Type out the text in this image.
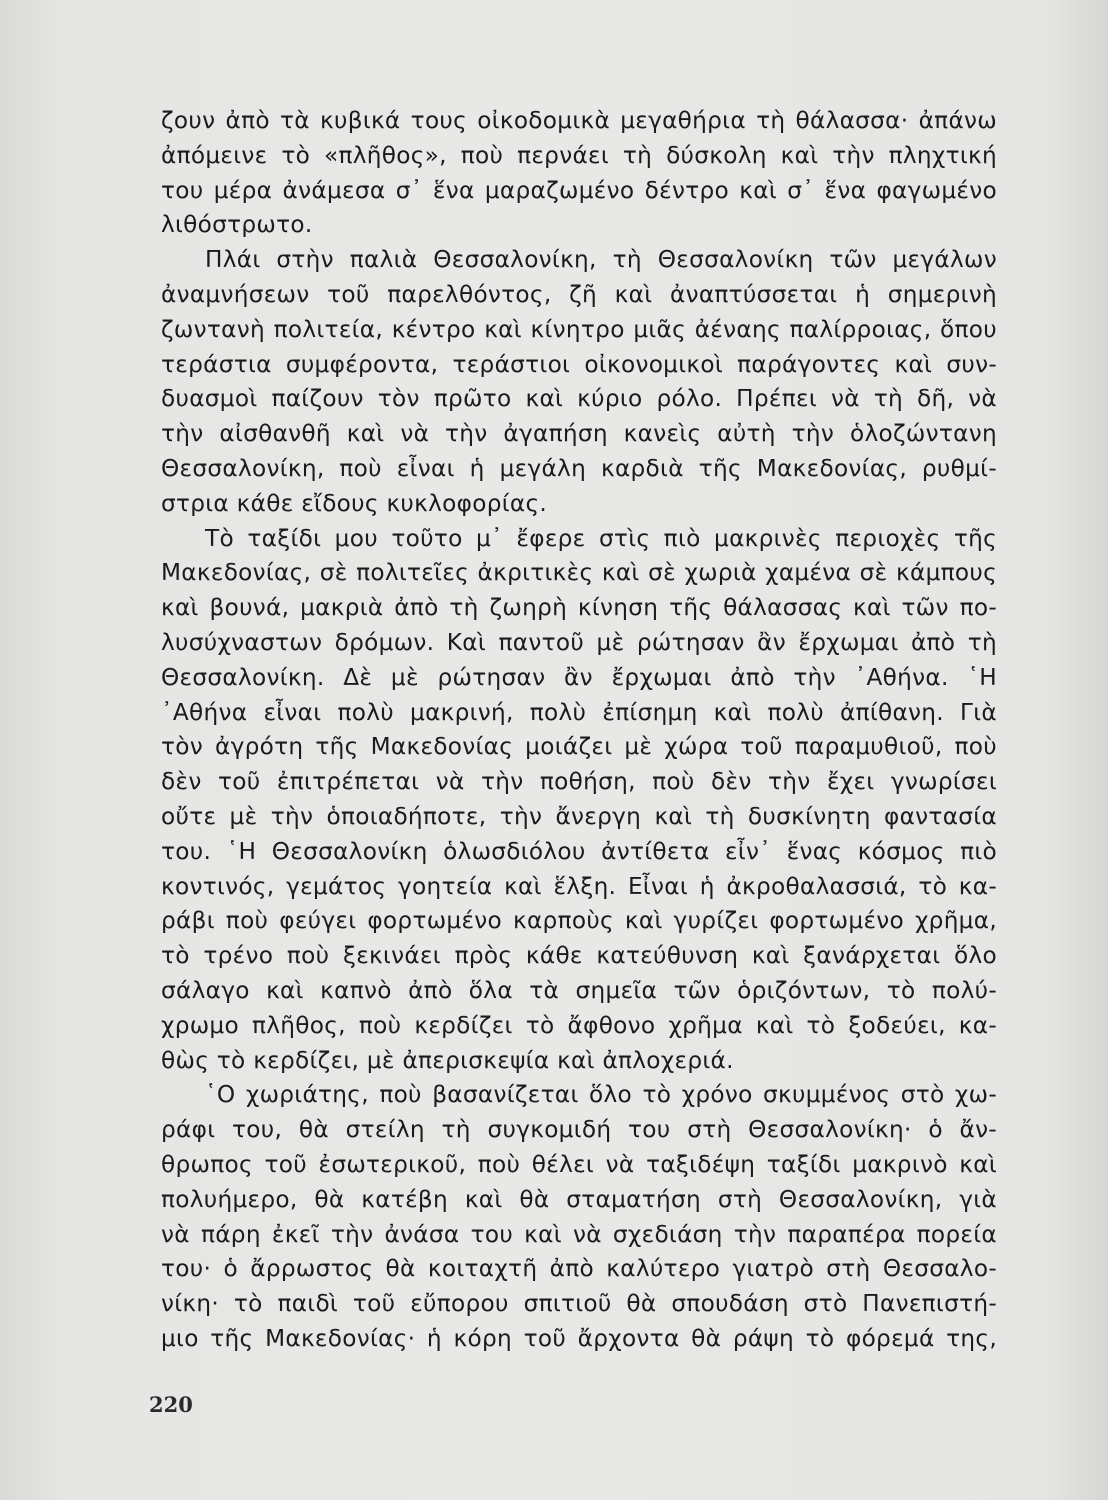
ζουν ἀπὸ τὰ κυβικά τους οἰκοδομικὰ μεγαθήρια τὴ θάλασσα· ἀπάνω
ἀπόμεινε τὸ «πλῆθος», ποὺ περνάει τὴ δύσκολη καὶ τὴν πληχτική
του μέρα ἀνάμεσα σ᾽ ἕνα μαραζωμένο δέντρο καὶ σ᾽ ἕνα φαγωμένο
λιθόστρωτο.
Πλάι στὴν παλιὰ Θεσσαλονίκη, τὴ Θεσσαλονίκη τῶν μεγάλων
ἀναμνήσεων τοῦ παρελθόντος, ζῆ καὶ ἀναπτύσσεται ἡ σημερινὴ
ζωντανὴ πολιτεία, κέντρο καὶ κίνητρο μιᾶς ἀέναης παλίρροιας, ὅπου
τεράστια συμφέροντα, τεράστιοι οἰκονομικοὶ παράγοντες καὶ συν-
δυασμοὶ παίζουν τὸν πρῶτο καὶ κύριο ρόλο. Πρέπει νὰ τὴ δῆ, νὰ
τὴν αἰσθανθῆ καὶ νὰ τὴν ἀγαπήση κανεὶς αὐτὴ τὴν ὁλοζώντανη
Θεσσαλονίκη, ποὺ εἶναι ἡ μεγάλη καρδιὰ τῆς Μακεδονίας, ρυθμί-
στρια κάθε εἴδους κυκλοφορίας.
Τὸ ταξίδι μου τοῦτο μ᾽ ἔφερε στὶς πιὸ μακρινὲς περιοχὲς τῆς
Μακεδονίας, σὲ πολιτεῖες ἀκριτικὲς καὶ σὲ χωριὰ χαμένα σὲ κάμπους
καὶ βουνά, μακριὰ ἀπὸ τὴ ζωηρὴ κίνηση τῆς θάλασσας καὶ τῶν πο-
λυσύχναστων δρόμων. Καὶ παντοῦ μὲ ρώτησαν ἂν ἔρχωμαι ἀπὸ τὴ
Θεσσαλονίκη. Δὲ μὲ ρώτησαν ἂν ἔρχωμαι ἀπὸ τὴν ᾽Αθήνα. ῾Η
᾽Αθήνα εἶναι πολὺ μακρινή, πολὺ ἐπίσημη καὶ πολὺ ἀπίθανη. Γιὰ
τὸν ἀγρότη τῆς Μακεδονίας μοιάζει μὲ χώρα τοῦ παραμυθιοῦ, ποὺ
δὲν τοῦ ἐπιτρέπεται νὰ τὴν ποθήση, ποὺ δὲν τὴν ἔχει γνωρίσει
οὔτε μὲ τὴν ὁποιαδήποτε, τὴν ἄνεργη καὶ τὴ δυσκίνητη φαντασία
του. ῾Η Θεσσαλονίκη ὁλωσδιόλου ἀντίθετα εἶν᾽ ἕνας κόσμος πιὸ
κοντινός, γεμάτος γοητεία καὶ ἕλξη. Εἶναι ἡ ἀκροθαλασσιά, τὸ κα-
ράβι ποὺ φεύγει φορτωμένο καρποὺς καὶ γυρίζει φορτωμένο χρῆμα,
τὸ τρένο ποὺ ξεκινάει πρὸς κάθε κατεύθυνση καὶ ξανάρχεται ὅλο
σάλαγο καὶ καπνὸ ἀπὸ ὅλα τὰ σημεῖα τῶν ὁριζόντων, τὸ πολύ-
χρωμο πλῆθος, ποὺ κερδίζει τὸ ἄφθονο χρῆμα καὶ τὸ ξοδεύει, κα-
θὼς τὸ κερδίζει, μὲ ἀπερισκεψία καὶ ἀπλοχεριά.
῾Ο χωριάτης, ποὺ βασανίζεται ὅλο τὸ χρόνο σκυμμένος στὸ χω-
ράφι του, θὰ στείλη τὴ συγκομιδή του στὴ Θεσσαλονίκη· ὁ ἄν-
θρωπος τοῦ ἐσωτερικοῦ, ποὺ θέλει νὰ ταξιδέψη ταξίδι μακρινὸ καὶ
πολυήμερο, θὰ κατέβη καὶ θὰ σταματήση στὴ Θεσσαλονίκη, γιὰ
νὰ πάρη ἐκεῖ τὴν ἀνάσα του καὶ νὰ σχεδιάση τὴν παραπέρα πορεία
του· ὁ ἄρρωστος θὰ κοιταχτῆ ἀπὸ καλύτερο γιατρὸ στὴ Θεσσαλο-
νίκη· τὸ παιδὶ τοῦ εὔπορου σπιτιοῦ θὰ σπουδάση στὸ Πανεπιστή-
μιο τῆς Μακεδονίας· ἡ κόρη τοῦ ἄρχοντα θὰ ράψη τὸ φόρεμά της,
220
